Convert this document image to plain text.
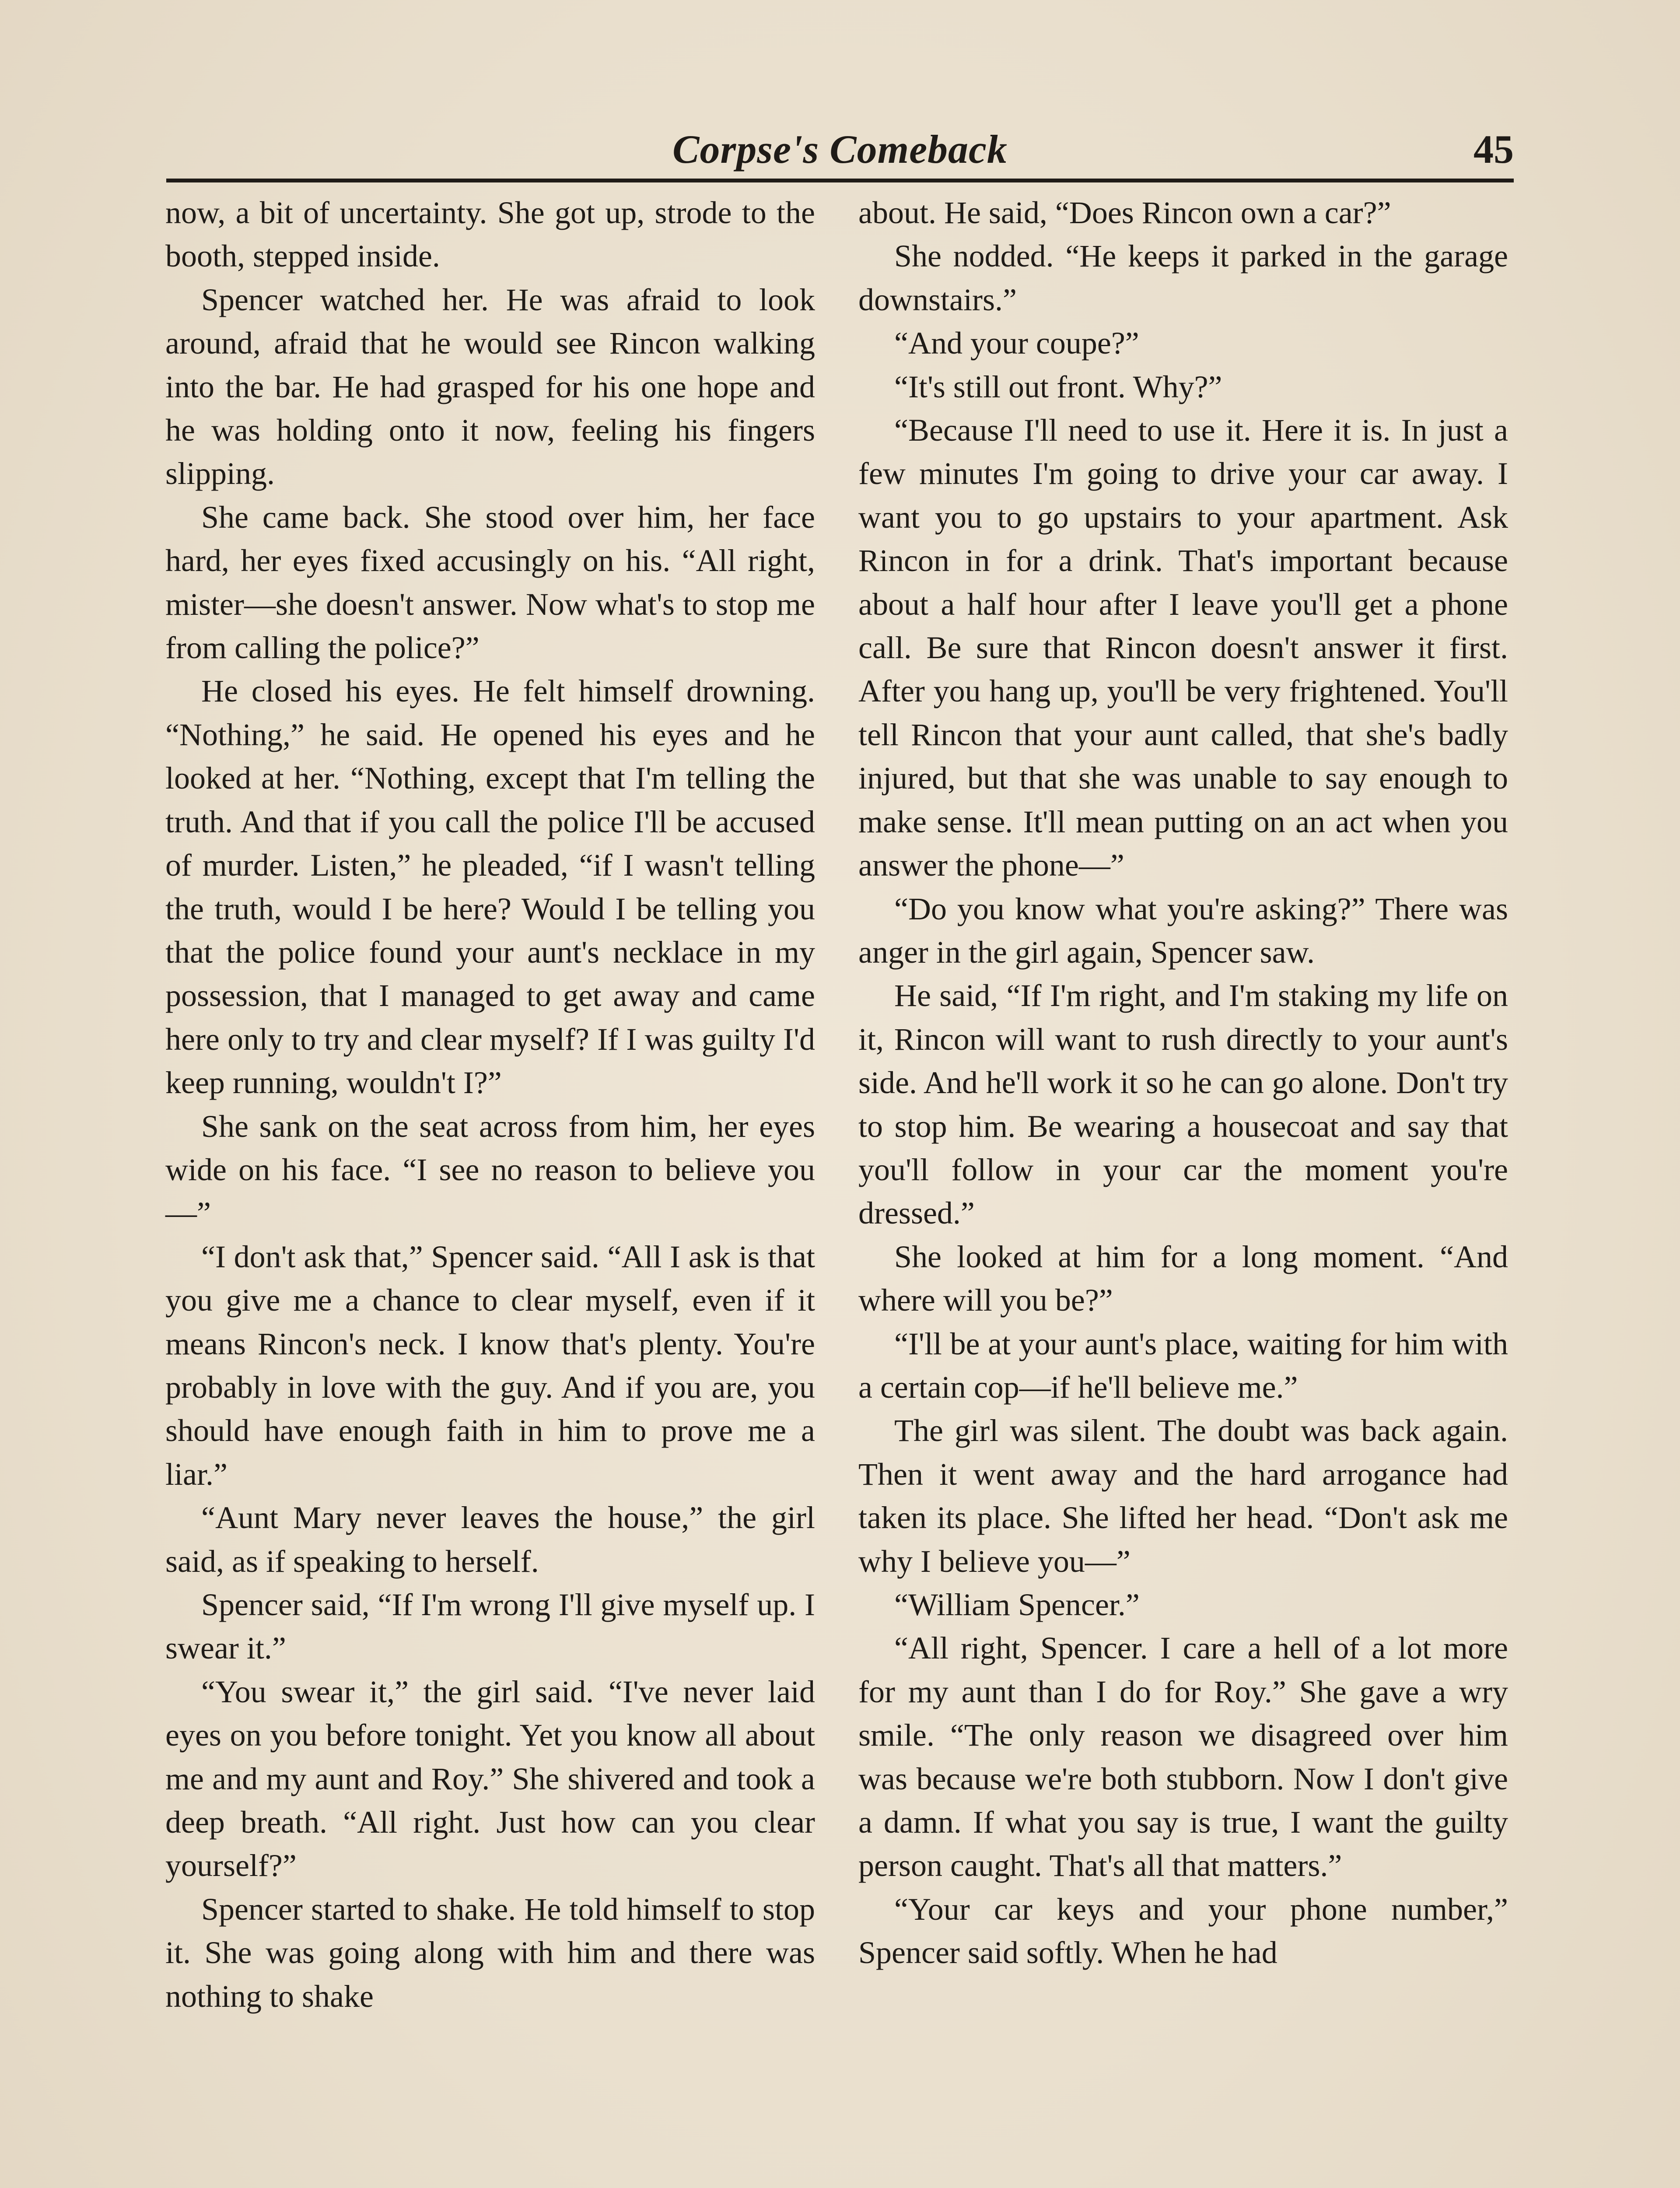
Corpse's Comeback	45

now, a bit of uncertainty. She got up, strode to the booth, stepped inside.

Spencer watched her. He was afraid to look around, afraid that he would see Rincon walking into the bar. He had grasped for his one hope and he was holding onto it now, feeling his fingers slipping.

She came back. She stood over him, her face hard, her eyes fixed accusingly on his. “All right, mister—she doesn't answer. Now what's to stop me from calling the police?”

He closed his eyes. He felt himself drowning. “Nothing,” he said. He opened his eyes and he looked at her. “Nothing, except that I'm telling the truth. And that if you call the police I'll be accused of murder. Listen,” he pleaded, “if I wasn't telling the truth, would I be here? Would I be telling you that the police found your aunt's necklace in my possession, that I managed to get away and came here only to try and clear myself? If I was guilty I'd keep running, wouldn't I?”

She sank on the seat across from him, her eyes wide on his face. “I see no reason to believe you—”

“I don't ask that,” Spencer said. “All I ask is that you give me a chance to clear myself, even if it means Rincon's neck. I know that's plenty. You're probably in love with the guy. And if you are, you should have enough faith in him to prove me a liar.”

“Aunt Mary never leaves the house,” the girl said, as if speaking to herself.

Spencer said, “If I'm wrong I'll give myself up. I swear it.”

“You swear it,” the girl said. “I've never laid eyes on you before tonight. Yet you know all about me and my aunt and Roy.” She shivered and took a deep breath. “All right. Just how can you clear yourself?”

Spencer started to shake. He told himself to stop it. She was going along with him and there was nothing to shake

about. He said, “Does Rincon own a car?”

She nodded. “He keeps it parked in the garage downstairs.”

“And your coupe?”

“It's still out front. Why?”

“Because I'll need to use it. Here it is. In just a few minutes I'm going to drive your car away. I want you to go upstairs to your apartment. Ask Rincon in for a drink. That's important because about a half hour after I leave you'll get a phone call. Be sure that Rincon doesn't answer it first. After you hang up, you'll be very frightened. You'll tell Rincon that your aunt called, that she's badly injured, but that she was unable to say enough to make sense. It'll mean putting on an act when you answer the phone—”

“Do you know what you're asking?” There was anger in the girl again, Spencer saw.

He said, “If I'm right, and I'm staking my life on it, Rincon will want to rush directly to your aunt's side. And he'll work it so he can go alone. Don't try to stop him. Be wearing a housecoat and say that you'll follow in your car the moment you're dressed.”

She looked at him for a long moment. “And where will you be?”

“I'll be at your aunt's place, waiting for him with a certain cop—if he'll believe me.”

The girl was silent. The doubt was back again. Then it went away and the hard arrogance had taken its place. She lifted her head. “Don't ask me why I believe you—”

“William Spencer.”

“All right, Spencer. I care a hell of a lot more for my aunt than I do for Roy.” She gave a wry smile. “The only reason we disagreed over him was because we're both stubborn. Now I don't give a damn. If what you say is true, I want the guilty person caught. That's all that matters.”

“Your car keys and your phone number,” Spencer said softly. When he had
